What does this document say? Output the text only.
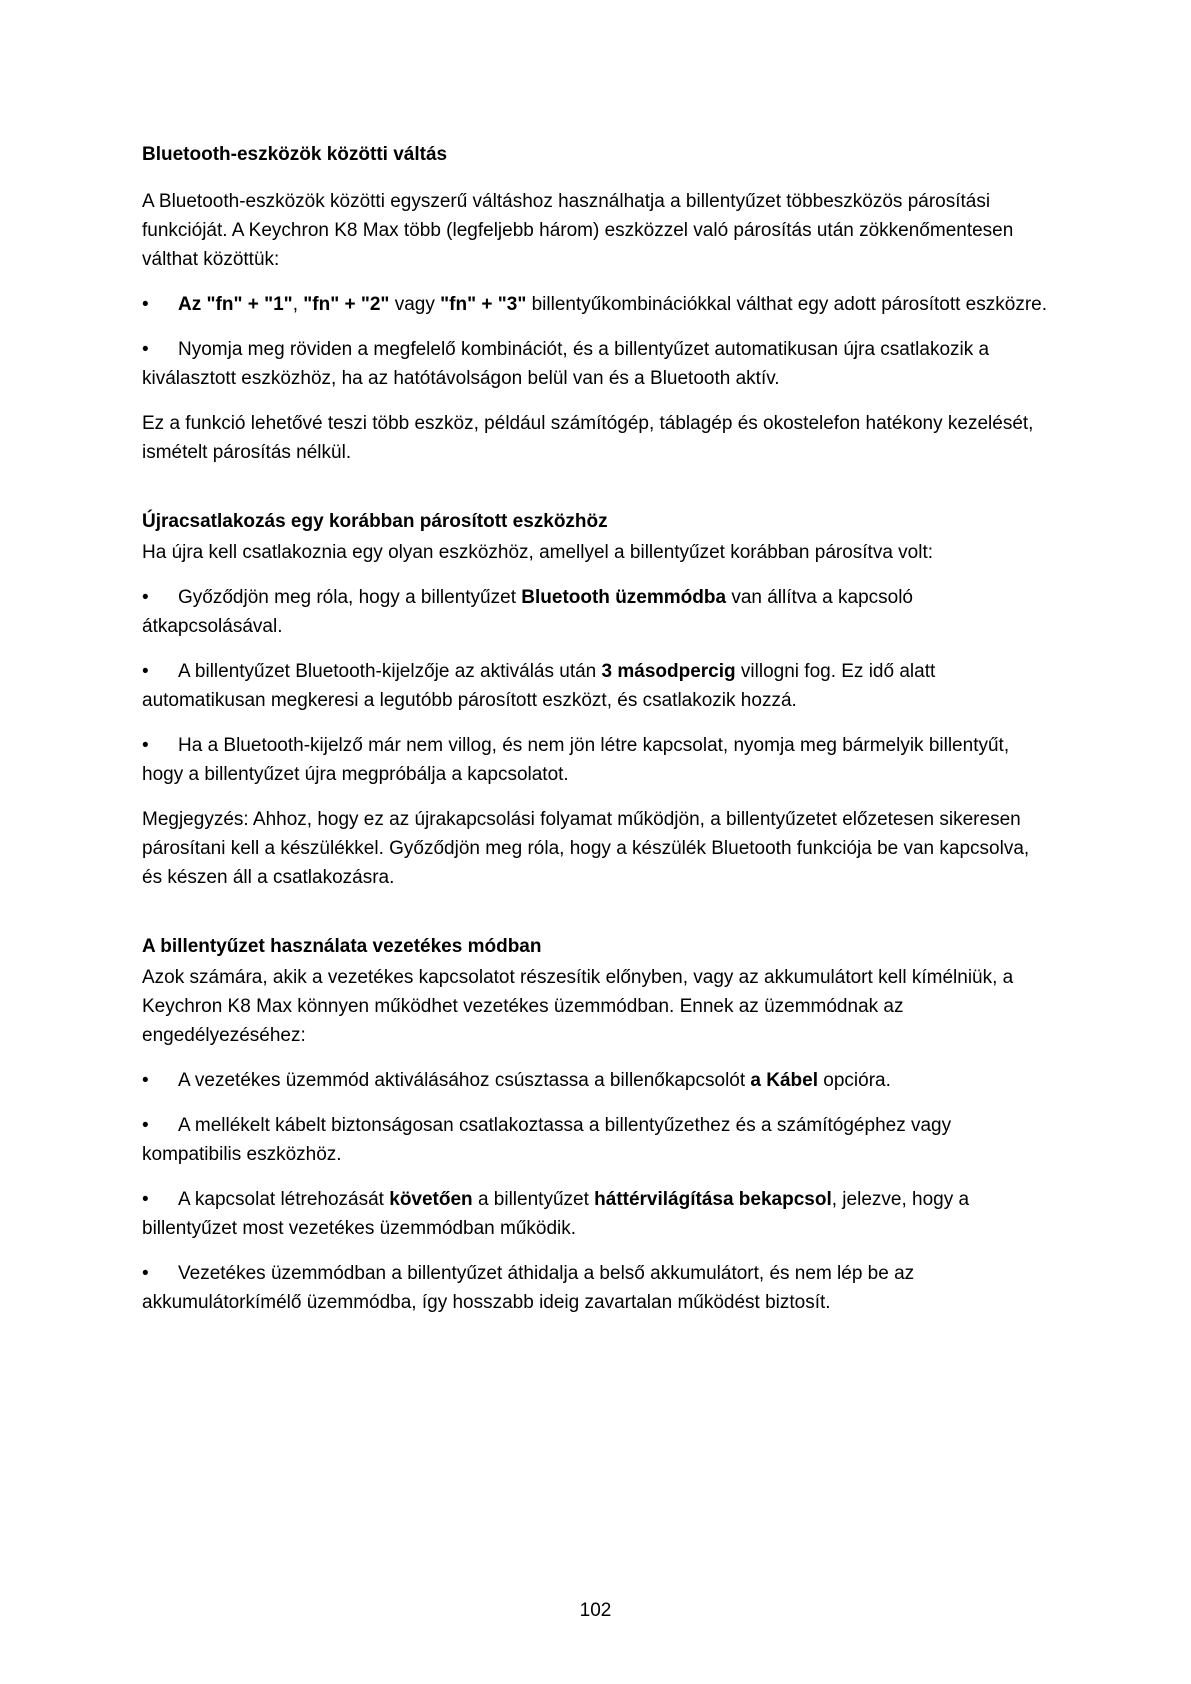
Bluetooth-eszközök közötti váltás

A Bluetooth-eszközök közötti egyszerű váltáshoz használhatja a billentyűzet többeszközös párosítási funkcióját. A Keychron K8 Max több (legfeljebb három) eszközzel való párosítás után zökkenőmentesen válthat közöttük:

• Az "fn" + "1", "fn" + "2" vagy "fn" + "3" billentyűkombinációkkal válthat egy adott párosított eszközre.

• Nyomja meg röviden a megfelelő kombinációt, és a billentyűzet automatikusan újra csatlakozik a kiválasztott eszközhöz, ha az hatótávolságon belül van és a Bluetooth aktív.

Ez a funkció lehetővé teszi több eszköz, például számítógép, táblagép és okostelefon hatékony kezelését, ismételt párosítás nélkül.

Újracsatlakozás egy korábban párosított eszközhöz

Ha újra kell csatlakoznia egy olyan eszközhöz, amellyel a billentyűzet korábban párosítva volt:

• Győződjön meg róla, hogy a billentyűzet Bluetooth üzemmódba van állítva a kapcsoló átkapcsolásával.

• A billentyűzet Bluetooth-kijelzője az aktiválás után 3 másodpercig villogni fog. Ez idő alatt automatikusan megkeresi a legutóbb párosított eszközt, és csatlakozik hozzá.

• Ha a Bluetooth-kijelző már nem villog, és nem jön létre kapcsolat, nyomja meg bármelyik billentyűt, hogy a billentyűzet újra megpróbálja a kapcsolatot.

Megjegyzés: Ahhoz, hogy ez az újrakapcsolási folyamat működjön, a billentyűzetet előzetesen sikeresen párosítani kell a készülékkel. Győződjön meg róla, hogy a készülék Bluetooth funkciója be van kapcsolva, és készen áll a csatlakozásra.

A billentyűzet használata vezetékes módban

Azok számára, akik a vezetékes kapcsolatot részesítik előnyben, vagy az akkumulátort kell kímélniük, a Keychron K8 Max könnyen működhet vezetékes üzemmódban. Ennek az üzemmódnak az engedélyezéséhez:

• A vezetékes üzemmód aktiválásához csúsztassa a billenőkapcsolót a Kábel opcióra.

• A mellékelt kábelt biztonságosan csatlakoztassa a billentyűzethez és a számítógéphez vagy kompatibilis eszközhöz.

• A kapcsolat létrehozását követően a billentyűzet háttérvilágítása bekapcsol, jelezve, hogy a billentyűzet most vezetékes üzemmódban működik.

• Vezetékes üzemmódban a billentyűzet áthidalja a belső akkumulátort, és nem lép be az akkumulátorkímélő üzemmódba, így hosszabb ideig zavartalan működést biztosít.

102
